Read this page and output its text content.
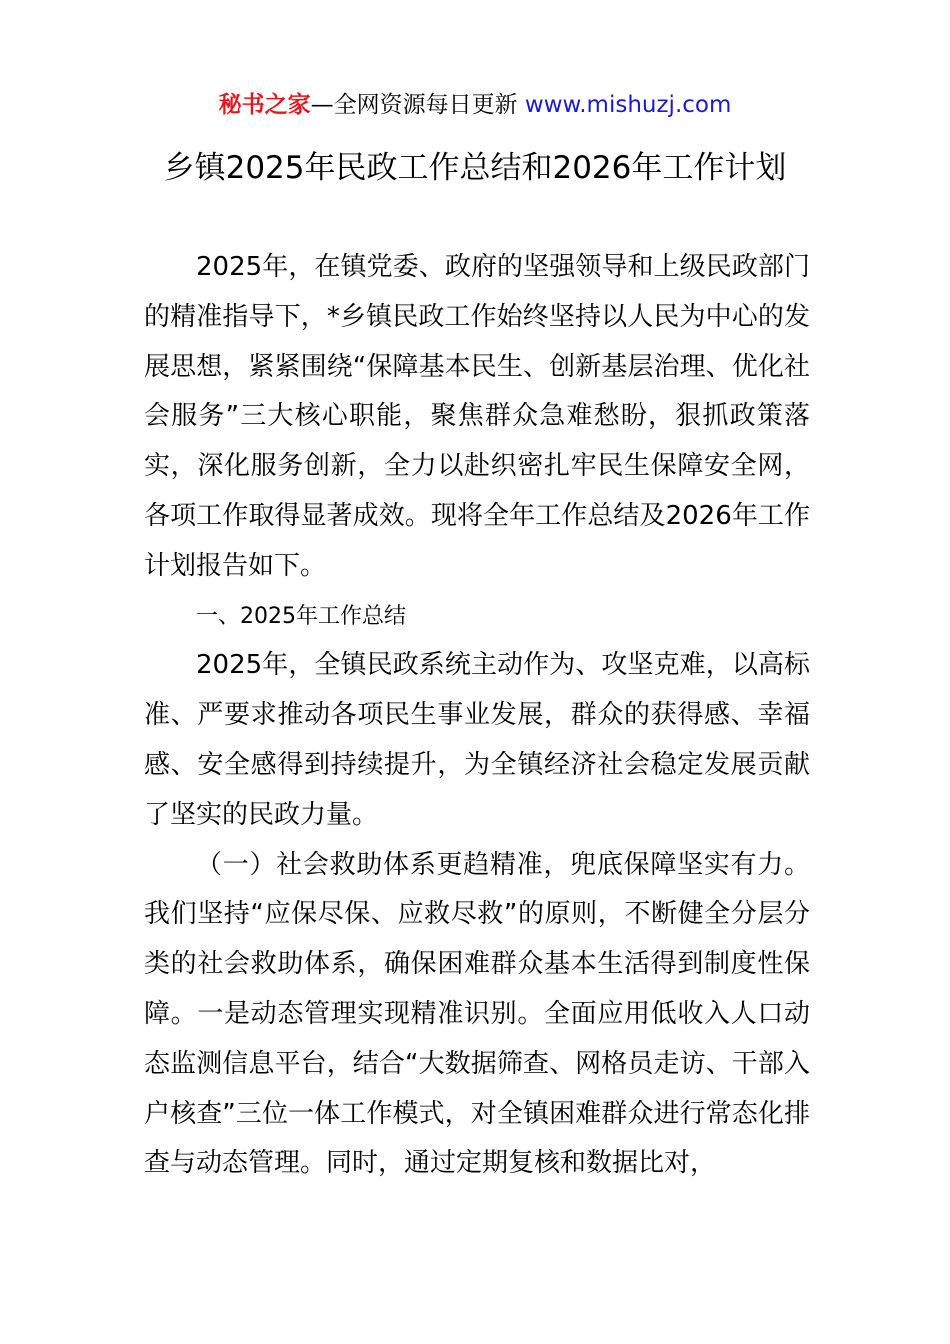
秘书之家—全网资源每日更新 www.mishuzj.com
乡镇2025年民政工作总结和2026年工作计划

2025年，在镇党委、政府的坚强领导和上级民政部门的精准指导下，*乡镇民政工作始终坚持以人民为中心的发展思想，紧紧围绕“保障基本民生、创新基层治理、优化社会服务”三大核心职能，聚焦群众急难愁盼，狠抓政策落实，深化服务创新，全力以赴织密扎牢民生保障安全网，各项工作取得显著成效。现将全年工作总结及2026年工作计划报告如下。

一、2025年工作总结

2025年，全镇民政系统主动作为、攻坚克难，以高标准、严要求推动各项民生事业发展，群众的获得感、幸福感、安全感得到持续提升，为全镇经济社会稳定发展贡献了坚实的民政力量。

（一）社会救助体系更趋精准，兜底保障坚实有力。我们坚持“应保尽保、应救尽救”的原则，不断健全分层分类的社会救助体系，确保困难群众基本生活得到制度性保障。一是动态管理实现精准识别。全面应用低收入人口动态监测信息平台，结合“大数据筛查、网格员走访、干部入户核查”三位一体工作模式，对全镇困难群众进行常态化排查与动态管理。同时，通过定期复核和数据比对，
